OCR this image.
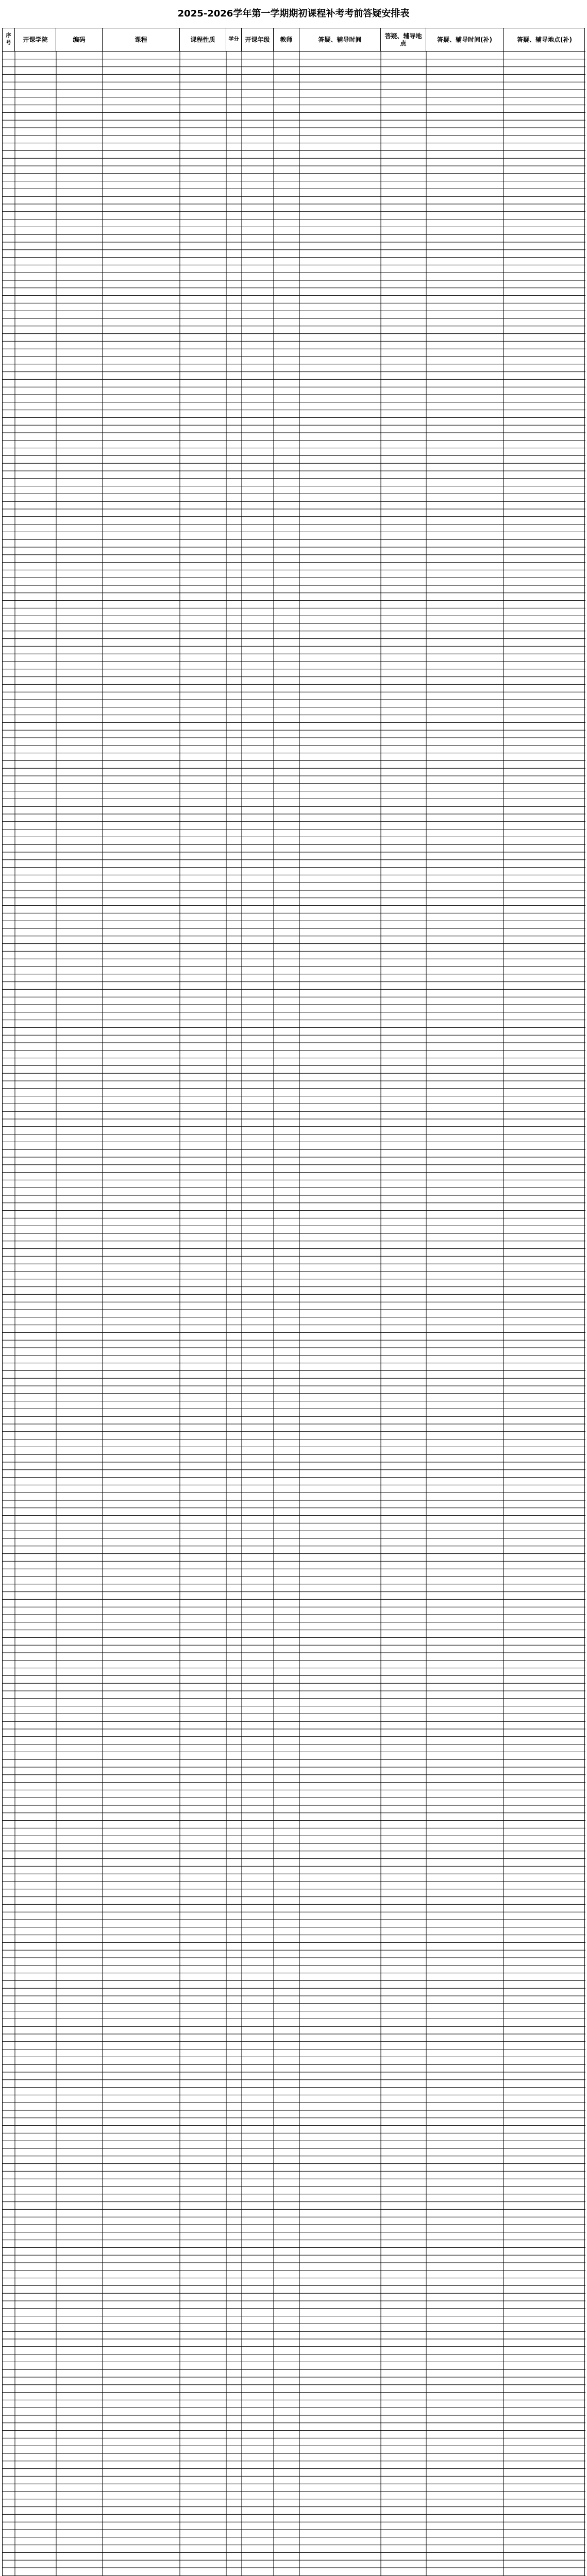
2025-2026学年第一学期期初课程补考考前答疑安排表
序号	开课学院	编码	课程	课程性质	学分 开课年级	教师	答疑、辅导时间	答疑、辅导地点	答疑、辅导时间(补)	答疑、辅导地点(补)
